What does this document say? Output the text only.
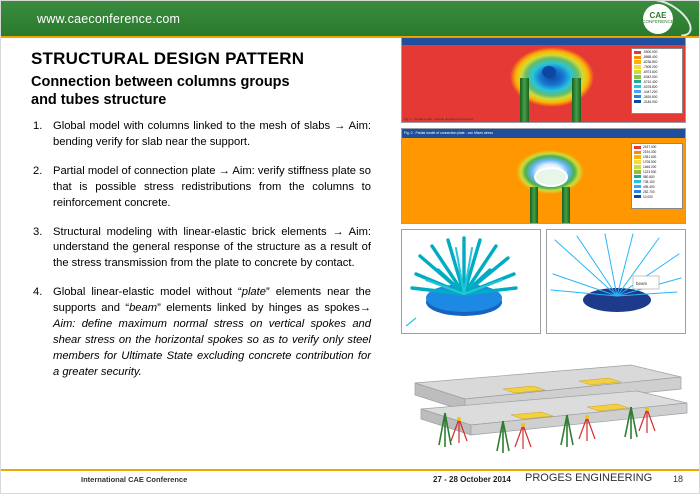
www.caeconference.com	CAE
CONFERENCE
STRUCTURAL DESIGN PATTERN
Connection between columns groups
and tubes structure
1. Global model with columns linked to the mesh of slabs → Aim: bending verify for slab near the support.
2. Partial model of connection plate → Aim: verify stiffness plate so that is possible stress redistributions from the columns to reinforcement concrete.
3. Structural modeling with linear-elastic brick elements → Aim: understand the general response of the structure as a result of the stress transmission from the plate to concrete by contact.
4. Global linear-elastic model without “plate” elements near the supports and “beam” elements linked by hinges as spokes→ Aim: define maximum normal stress on vertical spokes and shear stress on the horizontal spokes so as to verify only steel members for Ultimate State excluding concrete contribution for a greater security.
-9500.000
-8868.400
-8236.800
-7605.200
-6973.600
-6342.000
-5710.400
-5078.800
-4447.200
-3815.600
-3184.000
Fig. 1 - Global model - vertical displacement contour
Fig. 2 - Partial model of connection plate - von Mises stress
2437.000
2194.300
1951.600
1708.900
1466.200
1223.500
980.800
738.100
495.400
252.700
10.000
beam
International CAE Conference	27 - 28 October 2014 PROGES ENGINEERING 18
